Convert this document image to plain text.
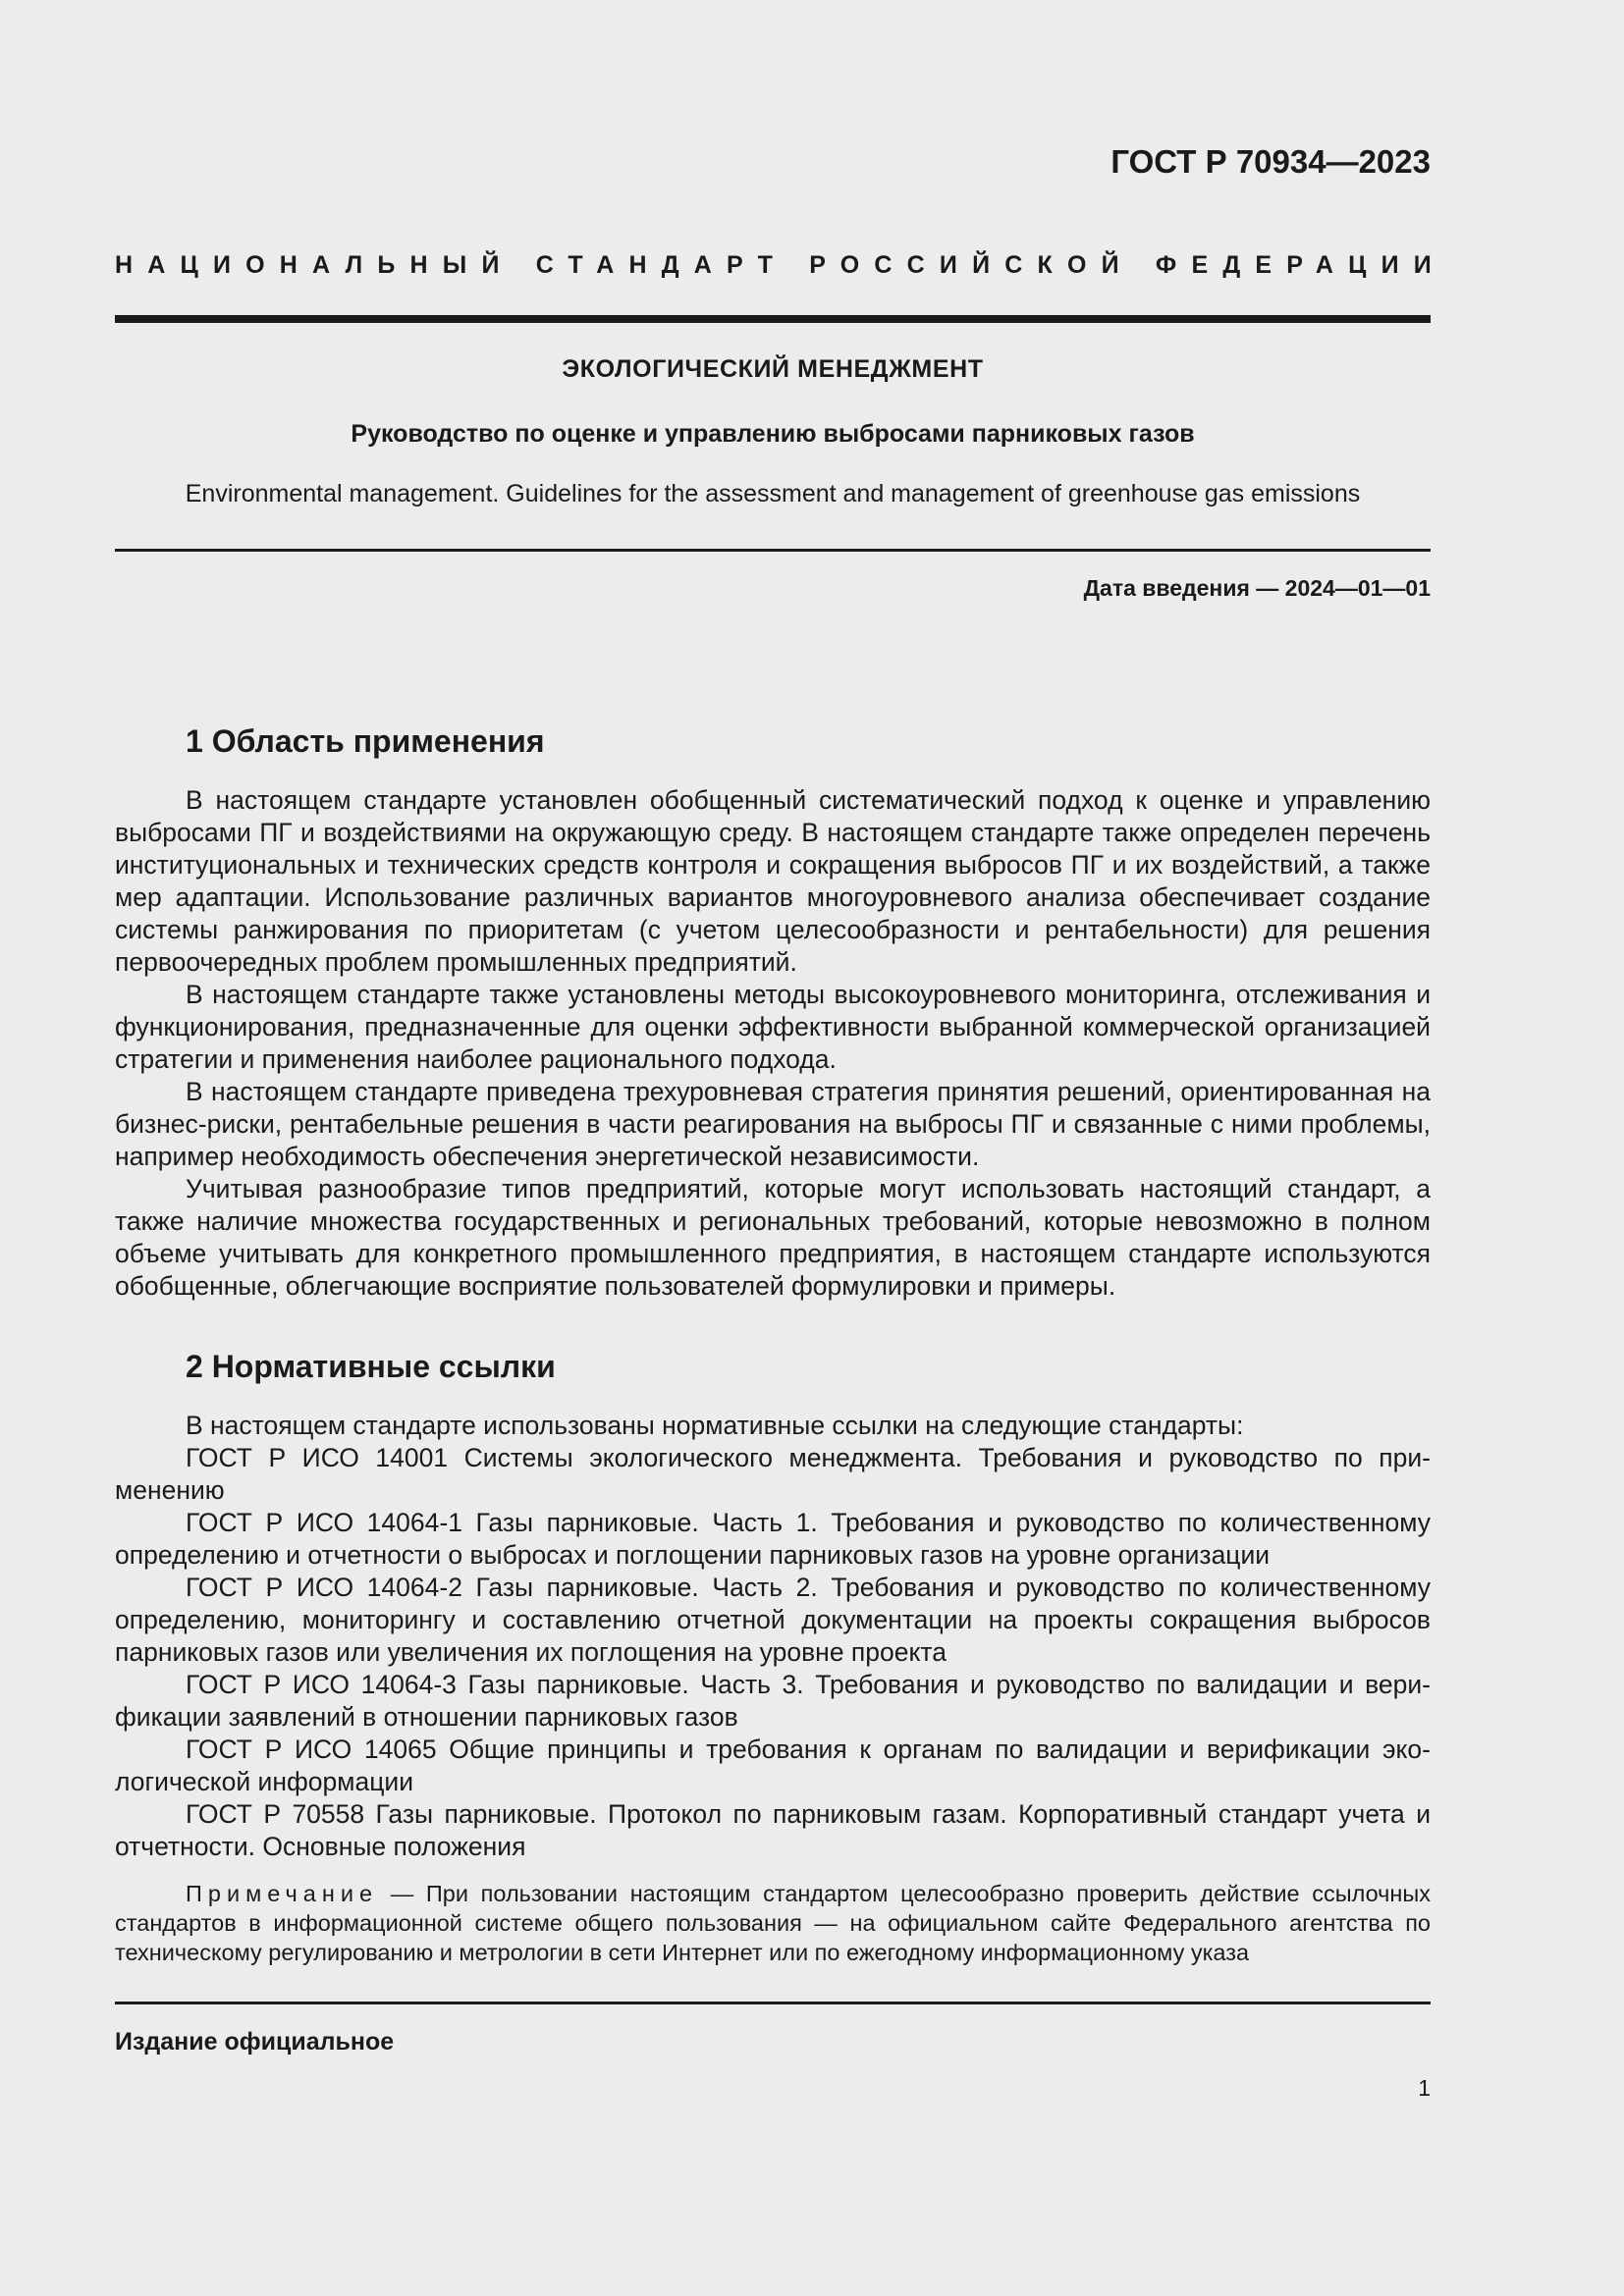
ГОСТ Р 70934—2023
НАЦИОНАЛЬНЫЙ СТАНДАРТ РОССИЙСКОЙ ФЕДЕРАЦИИ
ЭКОЛОГИЧЕСКИЙ МЕНЕДЖМЕНТ
Руководство по оценке и управлению выбросами парниковых газов
Environmental management. Guidelines for the assessment and management of greenhouse gas emissions
Дата введения — 2024—01—01
1 Область применения

В настоящем стандарте установлен обобщенный систематический подход к оценке и управлению выбросами ПГ и воздействиями на окружающую среду. В настоящем стандарте также определен перечень институциональных и технических средств контроля и сокращения выбросов ПГ и их воздействий, а также мер адаптации. Использование различных вариантов многоуровневого анализа обеспечивает создание системы ранжирования по приоритетам (с учетом целесообразности и рентабельности) для решения первоочередных проблем промышленных предприятий.

В настоящем стандарте также установлены методы высокоуровневого мониторинга, отслеживания и функционирования, предназначенные для оценки эффективности выбранной коммерческой организацией стратегии и применения наиболее рационального подхода.

В настоящем стандарте приведена трехуровневая стратегия принятия решений, ориентированная на бизнес-риски, рентабельные решения в части реагирования на выбросы ПГ и связанные с ними проблемы, например необходимость обеспечения энергетической независимости.

Учитывая разнообразие типов предприятий, которые могут использовать настоящий стандарт, а также наличие множества государственных и региональных требований, которые невозможно в полном объеме учитывать для конкретного промышленного предприятия, в настоящем стандарте используются обобщенные, облегчающие восприятие пользователей формулировки и примеры.

2 Нормативные ссылки

В настоящем стандарте использованы нормативные ссылки на следующие стандарты:

ГОСТ Р ИСО 14001 Системы экологического менеджмента. Требования и руководство по применению

ГОСТ Р ИСО 14064-1 Газы парниковые. Часть 1. Требования и руководство по количественному определению и отчетности о выбросах и поглощении парниковых газов на уровне организации

ГОСТ Р ИСО 14064-2 Газы парниковые. Часть 2. Требования и руководство по количественному определению, мониторингу и составлению отчетной документации на проекты сокращения выбросов парниковых газов или увеличения их поглощения на уровне проекта

ГОСТ Р ИСО 14064-3 Газы парниковые. Часть 3. Требования и руководство по валидации и верификации заявлений в отношении парниковых газов

ГОСТ Р ИСО 14065 Общие принципы и требования к органам по валидации и верификации экологической информации

ГОСТ Р 70558 Газы парниковые. Протокол по парниковым газам. Корпоративный стандарт учета и отчетности. Основные положения

Примечание — При пользовании настоящим стандартом целесообразно проверить действие ссылочных стандартов в информационной системе общего пользования — на официальном сайте Федерального агентства по техническому регулированию и метрологии в сети Интернет или по ежегодному информационному указа
Издание официальное
1
